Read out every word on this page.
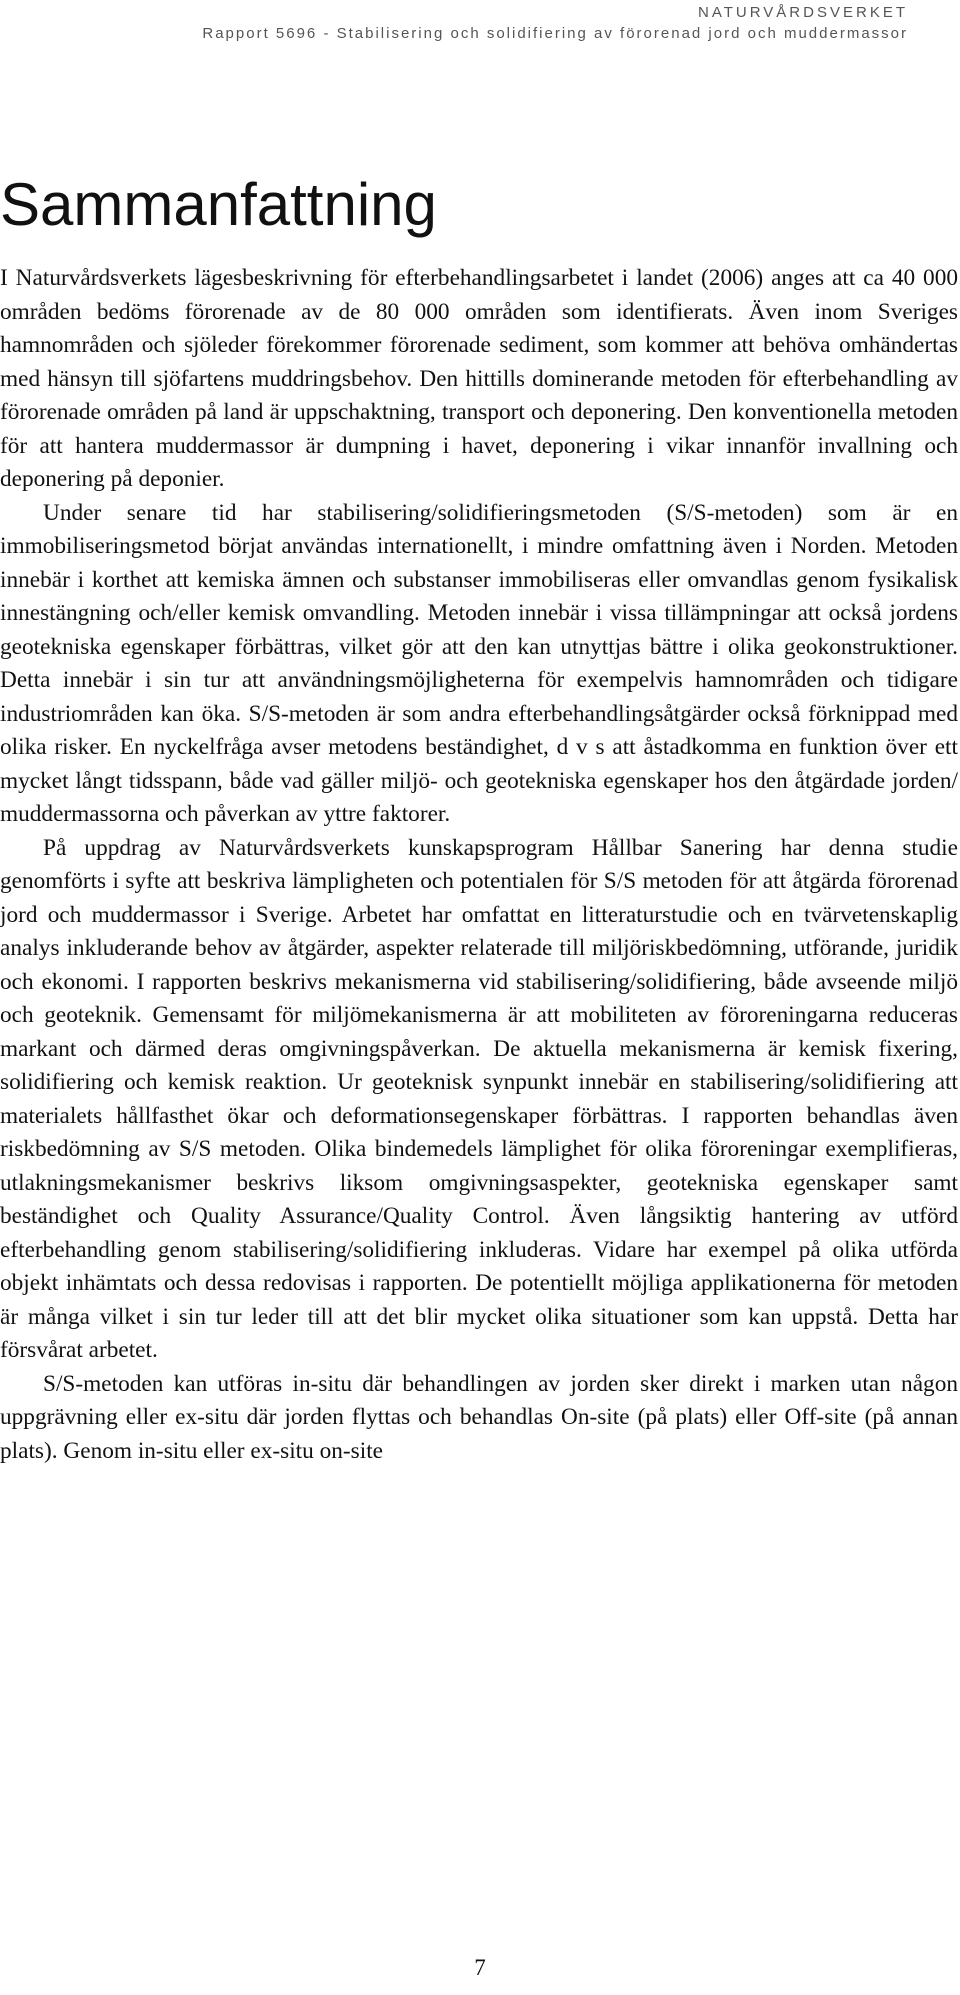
NATURVÅRDSVERKET
Rapport 5696 - Stabilisering och solidifiering av förorenad jord och muddermassor
Sammanfattning

I Naturvårdsverkets lägesbeskrivning för efterbehandlingsarbetet i landet (2006) anges att ca 40 000 områden bedöms förorenade av de 80 000 områden som identifierats. Även inom Sveriges hamnområden och sjöleder förekommer förorenade sediment, som kommer att behöva omhändertas med hänsyn till sjöfartens muddringsbehov. Den hittills dominerande metoden för efterbehandling av förorenade områden på land är uppschaktning, transport och deponering. Den konventionella metoden för att hantera muddermassor är dumpning i havet, deponering i vikar innanför invallning och deponering på deponier.

Under senare tid har stabilisering/solidifieringsmetoden (S/S-metoden) som är en immobiliseringsmetod börjat användas internationellt, i mindre omfattning även i Norden. Metoden innebär i korthet att kemiska ämnen och substanser immobiliseras eller omvandlas genom fysikalisk innestängning och/eller kemisk omvandling. Metoden innebär i vissa tillämpningar att också jordens geotekniska egenskaper förbättras, vilket gör att den kan utnyttjas bättre i olika geokonstruktioner. Detta innebär i sin tur att användningsmöjligheterna för exempelvis hamnområden och tidigare industriområden kan öka. S/S-metoden är som andra efterbehandlingsåtgärder också förknippad med olika risker. En nyckelfråga avser metodens beständighet, d v s att åstadkomma en funktion över ett mycket långt tidsspann, både vad gäller miljö- och geotekniska egenskaper hos den åtgärdade jorden/ muddermassorna och påverkan av yttre faktorer.

På uppdrag av Naturvårdsverkets kunskapsprogram Hållbar Sanering har denna studie genomförts i syfte att beskriva lämpligheten och potentialen för S/S metoden för att åtgärda förorenad jord och muddermassor i Sverige. Arbetet har omfattat en litteraturstudie och en tvärvetenskaplig analys inkluderande behov av åtgärder, aspekter relaterade till miljöriskbedömning, utförande, juridik och ekonomi. I rapporten beskrivs mekanismerna vid stabilisering/solidifiering, både avseende miljö och geoteknik. Gemensamt för miljömekanismerna är att mobiliteten av föroreningarna reduceras markant och därmed deras omgivningspåverkan. De aktuella mekanismerna är kemisk fixering, solidifiering och kemisk reaktion. Ur geoteknisk synpunkt innebär en stabilisering/solidifiering att materialets hållfasthet ökar och deformationsegenskaper förbättras. I rapporten behandlas även riskbedömning av S/S metoden. Olika bindemedels lämplighet för olika föroreningar exemplifieras, utlakningsmekanismer beskrivs liksom omgivningsaspekter, geotekniska egenskaper samt beständighet och Quality Assurance/Quality Control. Även långsiktig hantering av utförd efterbehandling genom stabilisering/solidifiering inkluderas. Vidare har exempel på olika utförda objekt inhämtats och dessa redovisas i rapporten. De potentiellt möjliga applikationerna för metoden är många vilket i sin tur leder till att det blir mycket olika situationer som kan uppstå. Detta har försvårat arbetet.

S/S-metoden kan utföras in-situ där behandlingen av jorden sker direkt i marken utan någon uppgrävning eller ex-situ där jorden flyttas och behandlas On-site (på plats) eller Off-site (på annan plats). Genom in-situ eller ex-situ on-site

7
